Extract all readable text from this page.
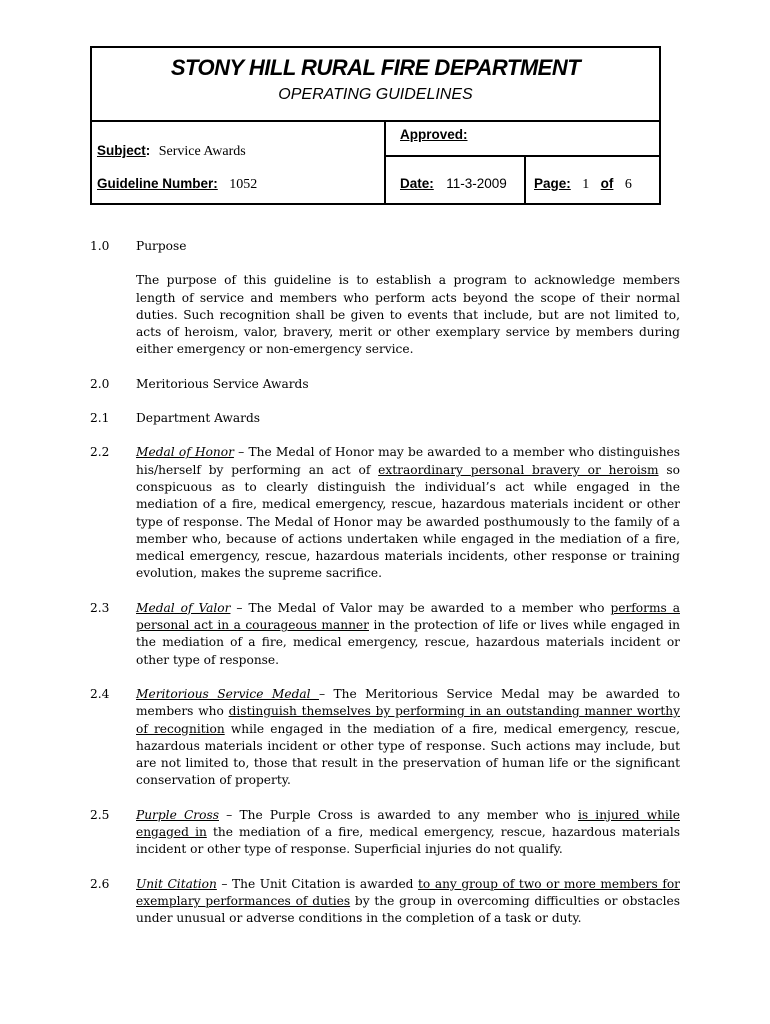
STONY HILL RURAL FIRE DEPARTMENT
OPERATING GUIDELINES
Approved:
Subject: Service Awards
Guideline Number: 1052	Date: 11-3-2009 Page: 1 of 6
1.0 Purpose

The purpose of this guideline is to establish a program to acknowledge members length of service and members who perform acts beyond the scope of their normal duties. Such recognition shall be given to events that include, but are not limited to, acts of heroism, valor, bravery, merit or other exemplary service by members during either emergency or non-emergency service.

2.0 Meritorious Service Awards
2.1 Department Awards
2.2 Medal of Honor – The Medal of Honor may be awarded to a member who distinguishes his/herself by performing an act of extraordinary personal bravery or heroism so conspicuous as to clearly distinguish the individual’s act while engaged in the mediation of a fire, medical emergency, rescue, hazardous materials incident or other type of response. The Medal of Honor may be awarded posthumously to the family of a member who, because of actions undertaken while engaged in the mediation of a fire, medical emergency, rescue, hazardous materials incidents, other response or training evolution, makes the supreme sacrifice.

2.3 Medal of Valor – The Medal of Valor may be awarded to a member who performs a personal act in a courageous manner in the protection of life or lives while engaged in the mediation of a fire, medical emergency, rescue, hazardous materials incident or other type of response.

2.4 Meritorious Service Medal – The Meritorious Service Medal may be awarded to members who distinguish themselves by performing in an outstanding manner worthy of recognition while engaged in the mediation of a fire, medical emergency, rescue, hazardous materials incident or other type of response. Such actions may include, but are not limited to, those that result in the preservation of human life or the significant conservation of property.

2.5 Purple Cross – The Purple Cross is awarded to any member who is injured while engaged in the mediation of a fire, medical emergency, rescue, hazardous materials incident or other type of response. Superficial injuries do not qualify.

2.6 Unit Citation – The Unit Citation is awarded to any group of two or more members for exemplary performances of duties by the group in overcoming difficulties or obstacles under unusual or adverse conditions in the completion of a task or duty.
